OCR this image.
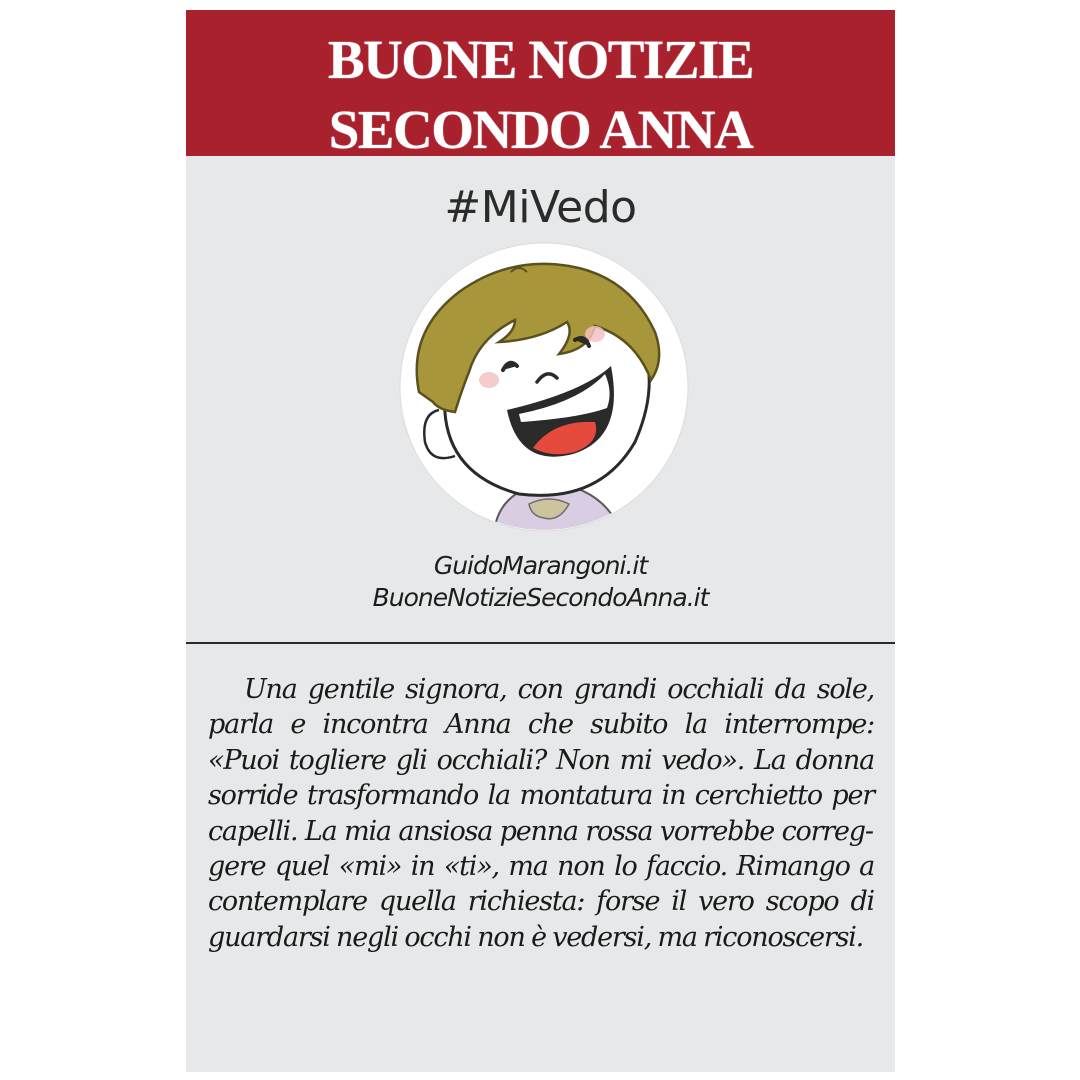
BUONE NOTIZIE
SECONDO ANNA
#MiVedo
GuidoMarangoni.it
BuoneNotizieSecondoAnna.it

Una gentile signora, con grandi occhiali da sole, parla e incontra Anna che subito la interrompe: «Puoi togliere gli occhiali? Non mi vedo». La donna sorride trasformando la montatura in cerchietto per capelli. La mia ansiosa penna rossa vorrebbe correggere quel «mi» in «ti», ma non lo faccio. Rimango a contemplare quella richiesta: forse il vero scopo di guardarsi negli occhi non è vedersi, ma riconoscersi.
